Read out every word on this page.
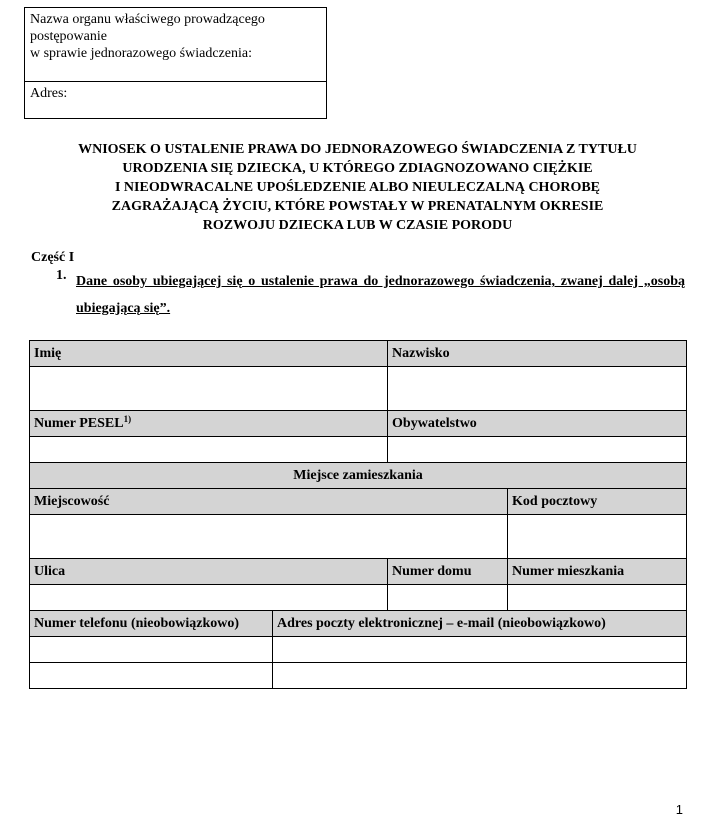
Nazwa organu właściwego prowadzącego
postępowanie
w sprawie jednorazowego świadczenia:
Adres:
WNIOSEK O USTALENIE PRAWA DO JEDNORAZOWEGO ŚWIADCZENIA Z TYTUŁU
URODZENIA SIĘ DZIECKA, U KTÓREGO ZDIAGNOZOWANO CIĘŻKIE
I NIEODWRACALNE UPOŚLEDZENIE ALBO NIEULECZALNĄ CHOROBĘ
ZAGRAŻAJĄCĄ ŻYCIU, KTÓRE POWSTAŁY W PRENATALNYM OKRESIE
ROZWOJU DZIECKA LUB W CZASIE PORODU
Część I
1. Dane osoby ubiegającej się o ustalenie prawa do jednorazowego świadczenia, zwanej dalej „osobą ubiegającą się”.
Imię		Nazwisko	

Numer PESEL$^{1)}$		Obywatelstwo	

Miejsce zamieszkania			
Miejscowość			Kod pocztowy

Ulica		Numer domu	Numer mieszkania

Numer telefonu (nieobowiązkowo)	Adres poczty elektronicznej – e-mail (nieobowiązkowo)		

1
